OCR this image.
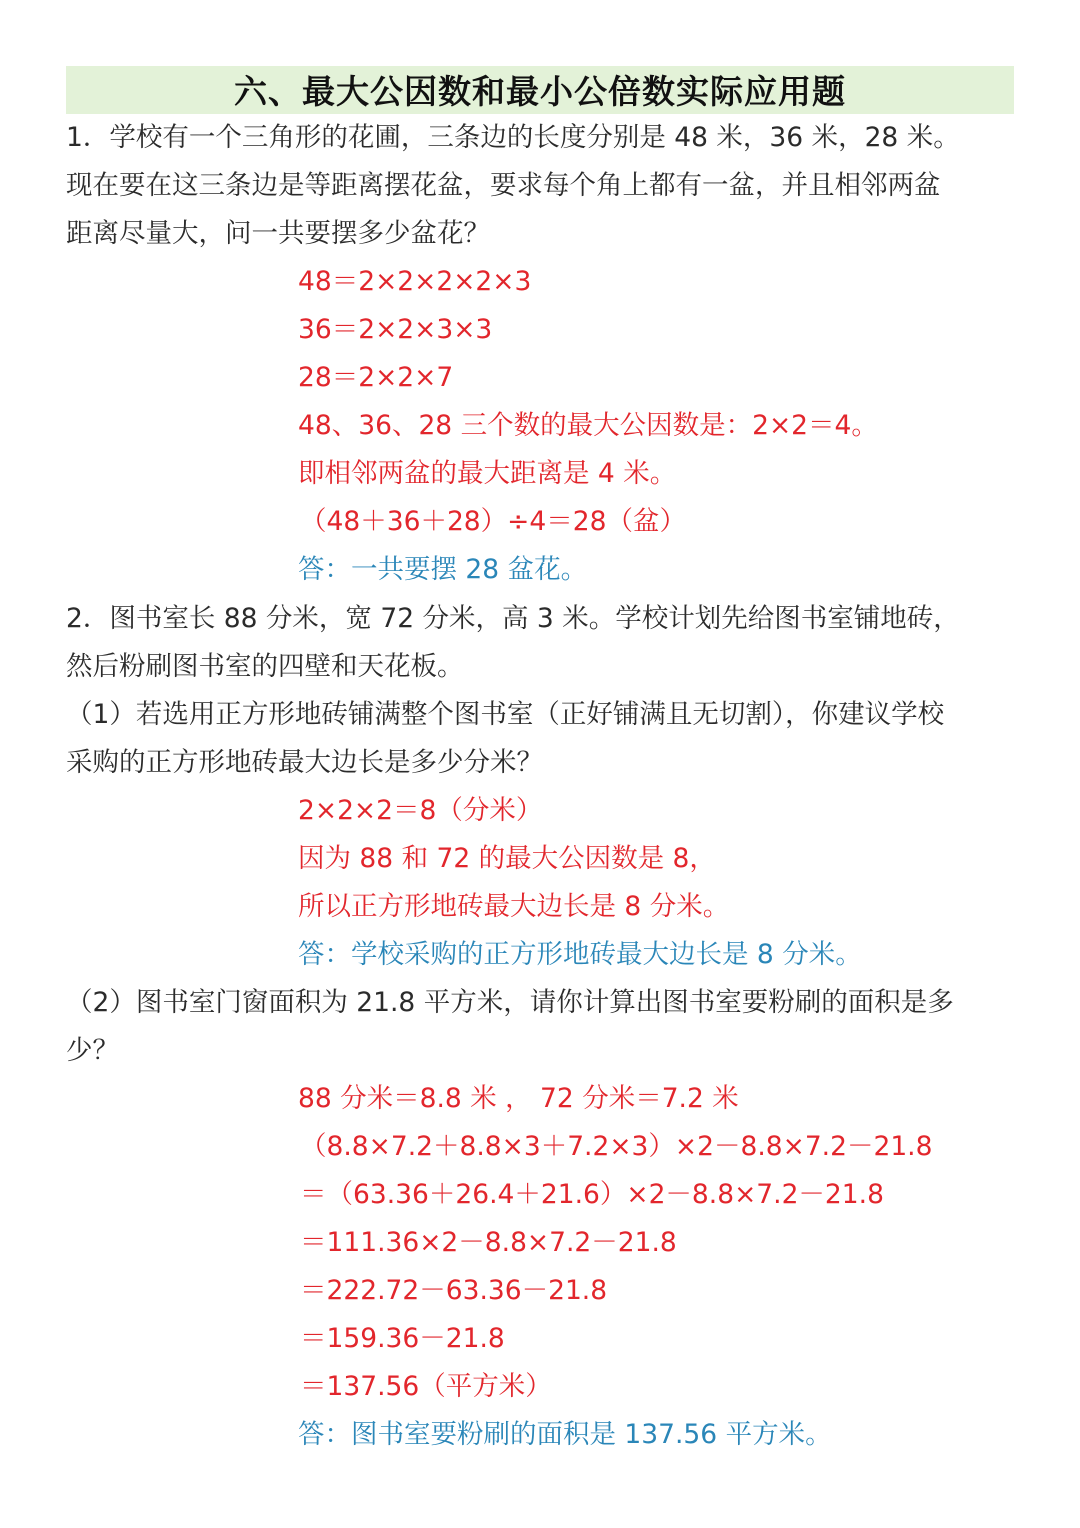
六、最大公因数和最小公倍数实际应用题
1．学校有一个三角形的花圃，三条边的长度分别是 48 米，36 米，28 米。
现在要在这三条边是等距离摆花盆，要求每个角上都有一盆，并且相邻两盆
距离尽量大，问一共要摆多少盆花？
48＝2×2×2×2×3
36＝2×2×3×3
28＝2×2×7
48、36、28 三个数的最大公因数是：2×2＝4。
即相邻两盆的最大距离是 4 米。
（48＋36＋28）÷4＝28（盆）
答：一共要摆 28 盆花。
2．图书室长 88 分米，宽 72 分米，高 3 米。学校计划先给图书室铺地砖，
然后粉刷图书室的四壁和天花板。
（1）若选用正方形地砖铺满整个图书室（正好铺满且无切割），你建议学校
采购的正方形地砖最大边长是多少分米？
2×2×2＝8（分米）
因为 88 和 72 的最大公因数是 8，
所以正方形地砖最大边长是 8 分米。
答：学校采购的正方形地砖最大边长是 8 分米。
（2）图书室门窗面积为 21.8 平方米，请你计算出图书室要粉刷的面积是多
少？
88 分米＝8.8 米 ， 72 分米＝7.2 米
（8.8×7.2＋8.8×3＋7.2×3）×2－8.8×7.2－21.8
＝（63.36＋26.4＋21.6）×2－8.8×7.2－21.8
＝111.36×2－8.8×7.2－21.8
＝222.72－63.36－21.8
＝159.36－21.8
＝137.56（平方米）
答：图书室要粉刷的面积是 137.56 平方米。
